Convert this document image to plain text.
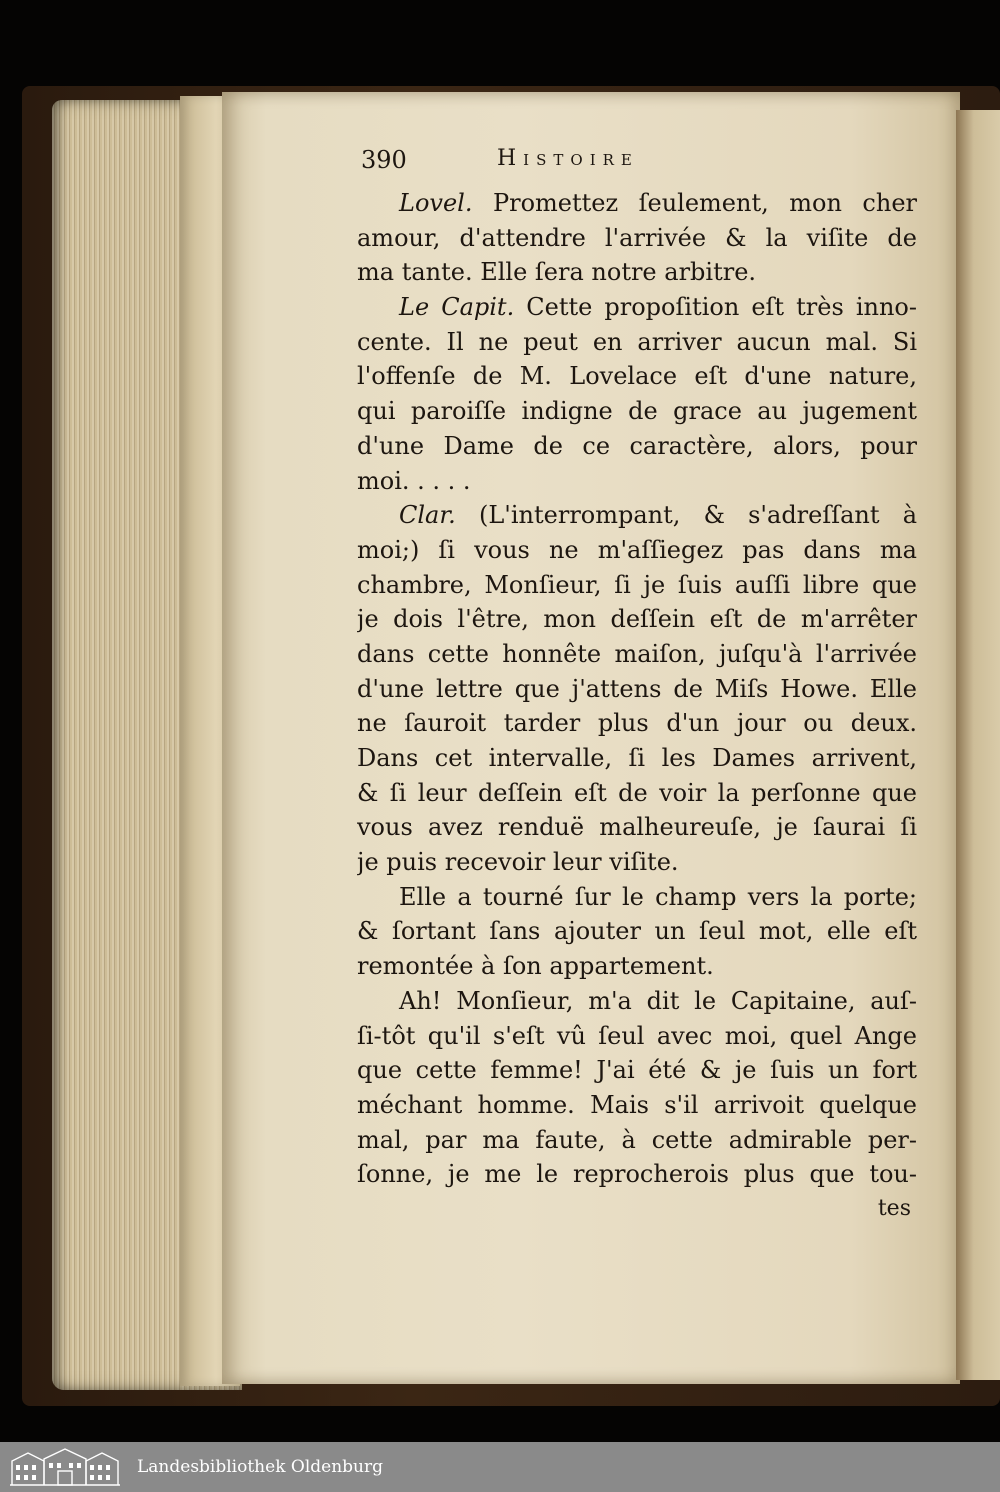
390	Histoire
Lovel. Promettez ſeulement, mon cher
amour, d'attendre l'arrivée & la viſite de
ma tante. Elle ſera notre arbitre.
Le Capit. Cette propoſition eſt très inno-
cente. Il ne peut en arriver aucun mal. Si
l'offenſe de M. Lovelace eſt d'une nature,
qui paroiſſe indigne de grace au jugement
d'une Dame de ce caractère, alors, pour
moi. . . . .
Clar. (L'interrompant, & s'adreſſant à
moi;) ſi vous ne m'aſſiegez pas dans ma
chambre, Monſieur, ſi je ſuis auſſi libre que
je dois l'être, mon deſſein eſt de m'arrêter
dans cette honnête maiſon, juſqu'à l'arrivée
d'une lettre que j'attens de Miſs Howe. Elle
ne ſauroit tarder plus d'un jour ou deux.
Dans cet intervalle, ſi les Dames arrivent,
& ſi leur deſſein eſt de voir la perſonne que
vous avez renduë malheureuſe, je ſaurai ſi
je puis recevoir leur viſite.
Elle a tourné ſur le champ vers la porte;
& ſortant ſans ajouter un ſeul mot, elle eſt
remontée à ſon appartement.
Ah! Monſieur, m'a dit le Capitaine, auſ-
ſi-tôt qu'il s'eſt vû ſeul avec moi, quel Ange
que cette femme! J'ai été & je ſuis un fort
méchant homme. Mais s'il arrivoit quelque
mal, par ma faute, à cette admirable per-
ſonne, je me le reprocherois plus que tou-
tes
Landesbibliothek Oldenburg
